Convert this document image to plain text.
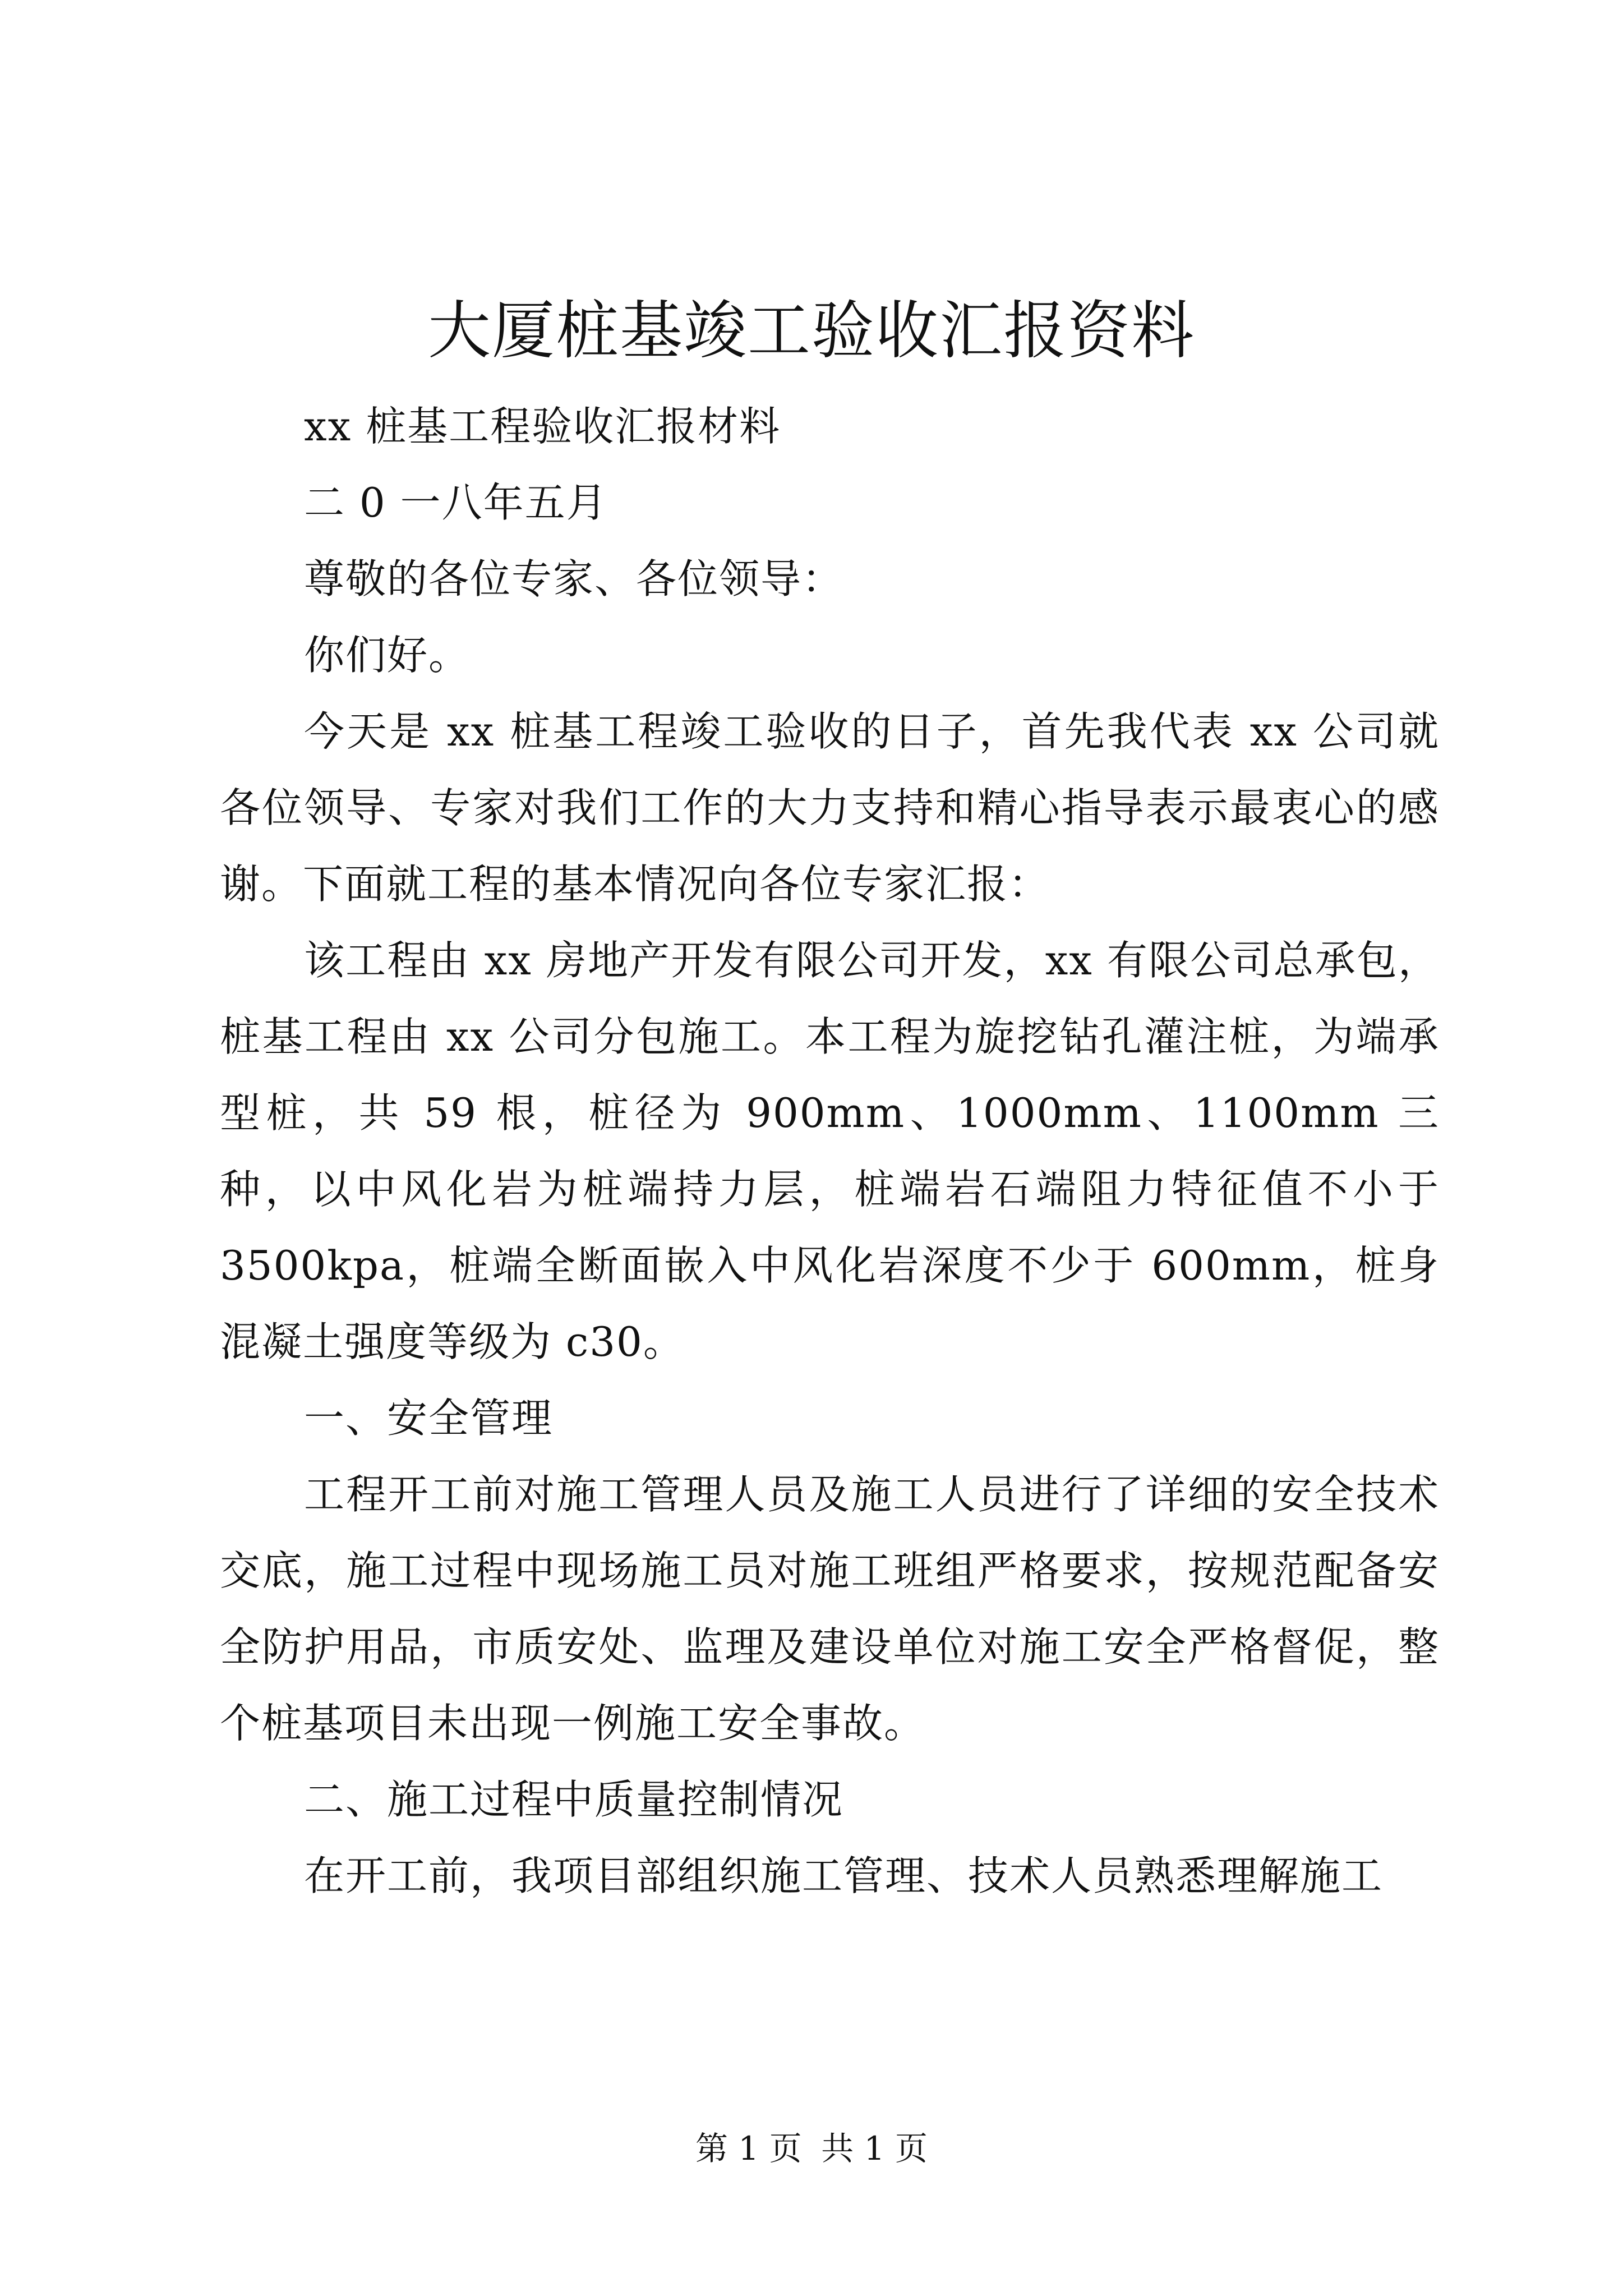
大厦桩基竣工验收汇报资料

xx 桩基工程验收汇报材料

二 0 一八年五月

尊敬的各位专家、各位领导：

你们好。

今天是 xx 桩基工程竣工验收的日子，首先我代表 xx 公司就各位领导、专家对我们工作的大力支持和精心指导表示最衷心的感谢。下面就工程的基本情况向各位专家汇报：

该工程由 xx 房地产开发有限公司开发，xx 有限公司总承包，桩基工程由 xx 公司分包施工。本工程为旋挖钻孔灌注桩，为端承型桩，共 59 根，桩径为 900mm、1000mm、1100mm 三种，以中风化岩为桩端持力层，桩端岩石端阻力特征值不小于 3500kpa，桩端全断面嵌入中风化岩深度不少于 600mm，桩身混凝土强度等级为 c30。

一、安全管理

工程开工前对施工管理人员及施工人员进行了详细的安全技术交底，施工过程中现场施工员对施工班组严格要求，按规范配备安全防护用品，市质安处、监理及建设单位对施工安全严格督促，整个桩基项目未出现一例施工安全事故。

二、施工过程中质量控制情况

在开工前，我项目部组织施工管理、技术人员熟悉理解施工

第 1 页 共 1 页
